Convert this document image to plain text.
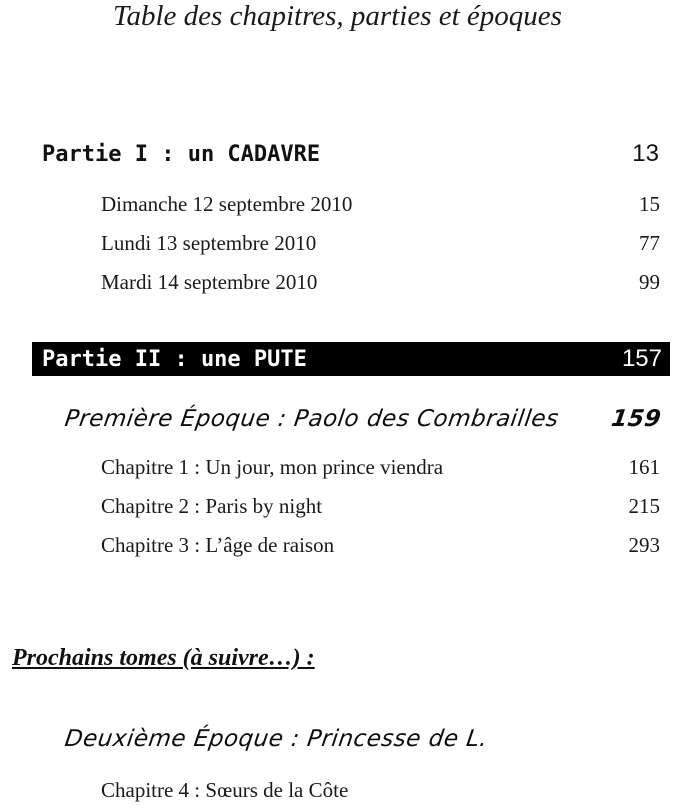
Table des chapitres, parties et époques
Partie I : un CADAVRE	13
Dimanche 12 septembre 2010	15
Lundi 13 septembre 2010	77
Mardi 14 septembre 2010	99
Partie II : une PUTE	157
Première Époque : Paolo des Combrailles 159
Chapitre 1 : Un jour, mon prince viendra	161
Chapitre 2 : Paris by night	215
Chapitre 3 : L’âge de raison	293
Prochains tomes (à suivre…) :
Deuxième Époque : Princesse de L.
Chapitre 4 : Sœurs de la Côte
